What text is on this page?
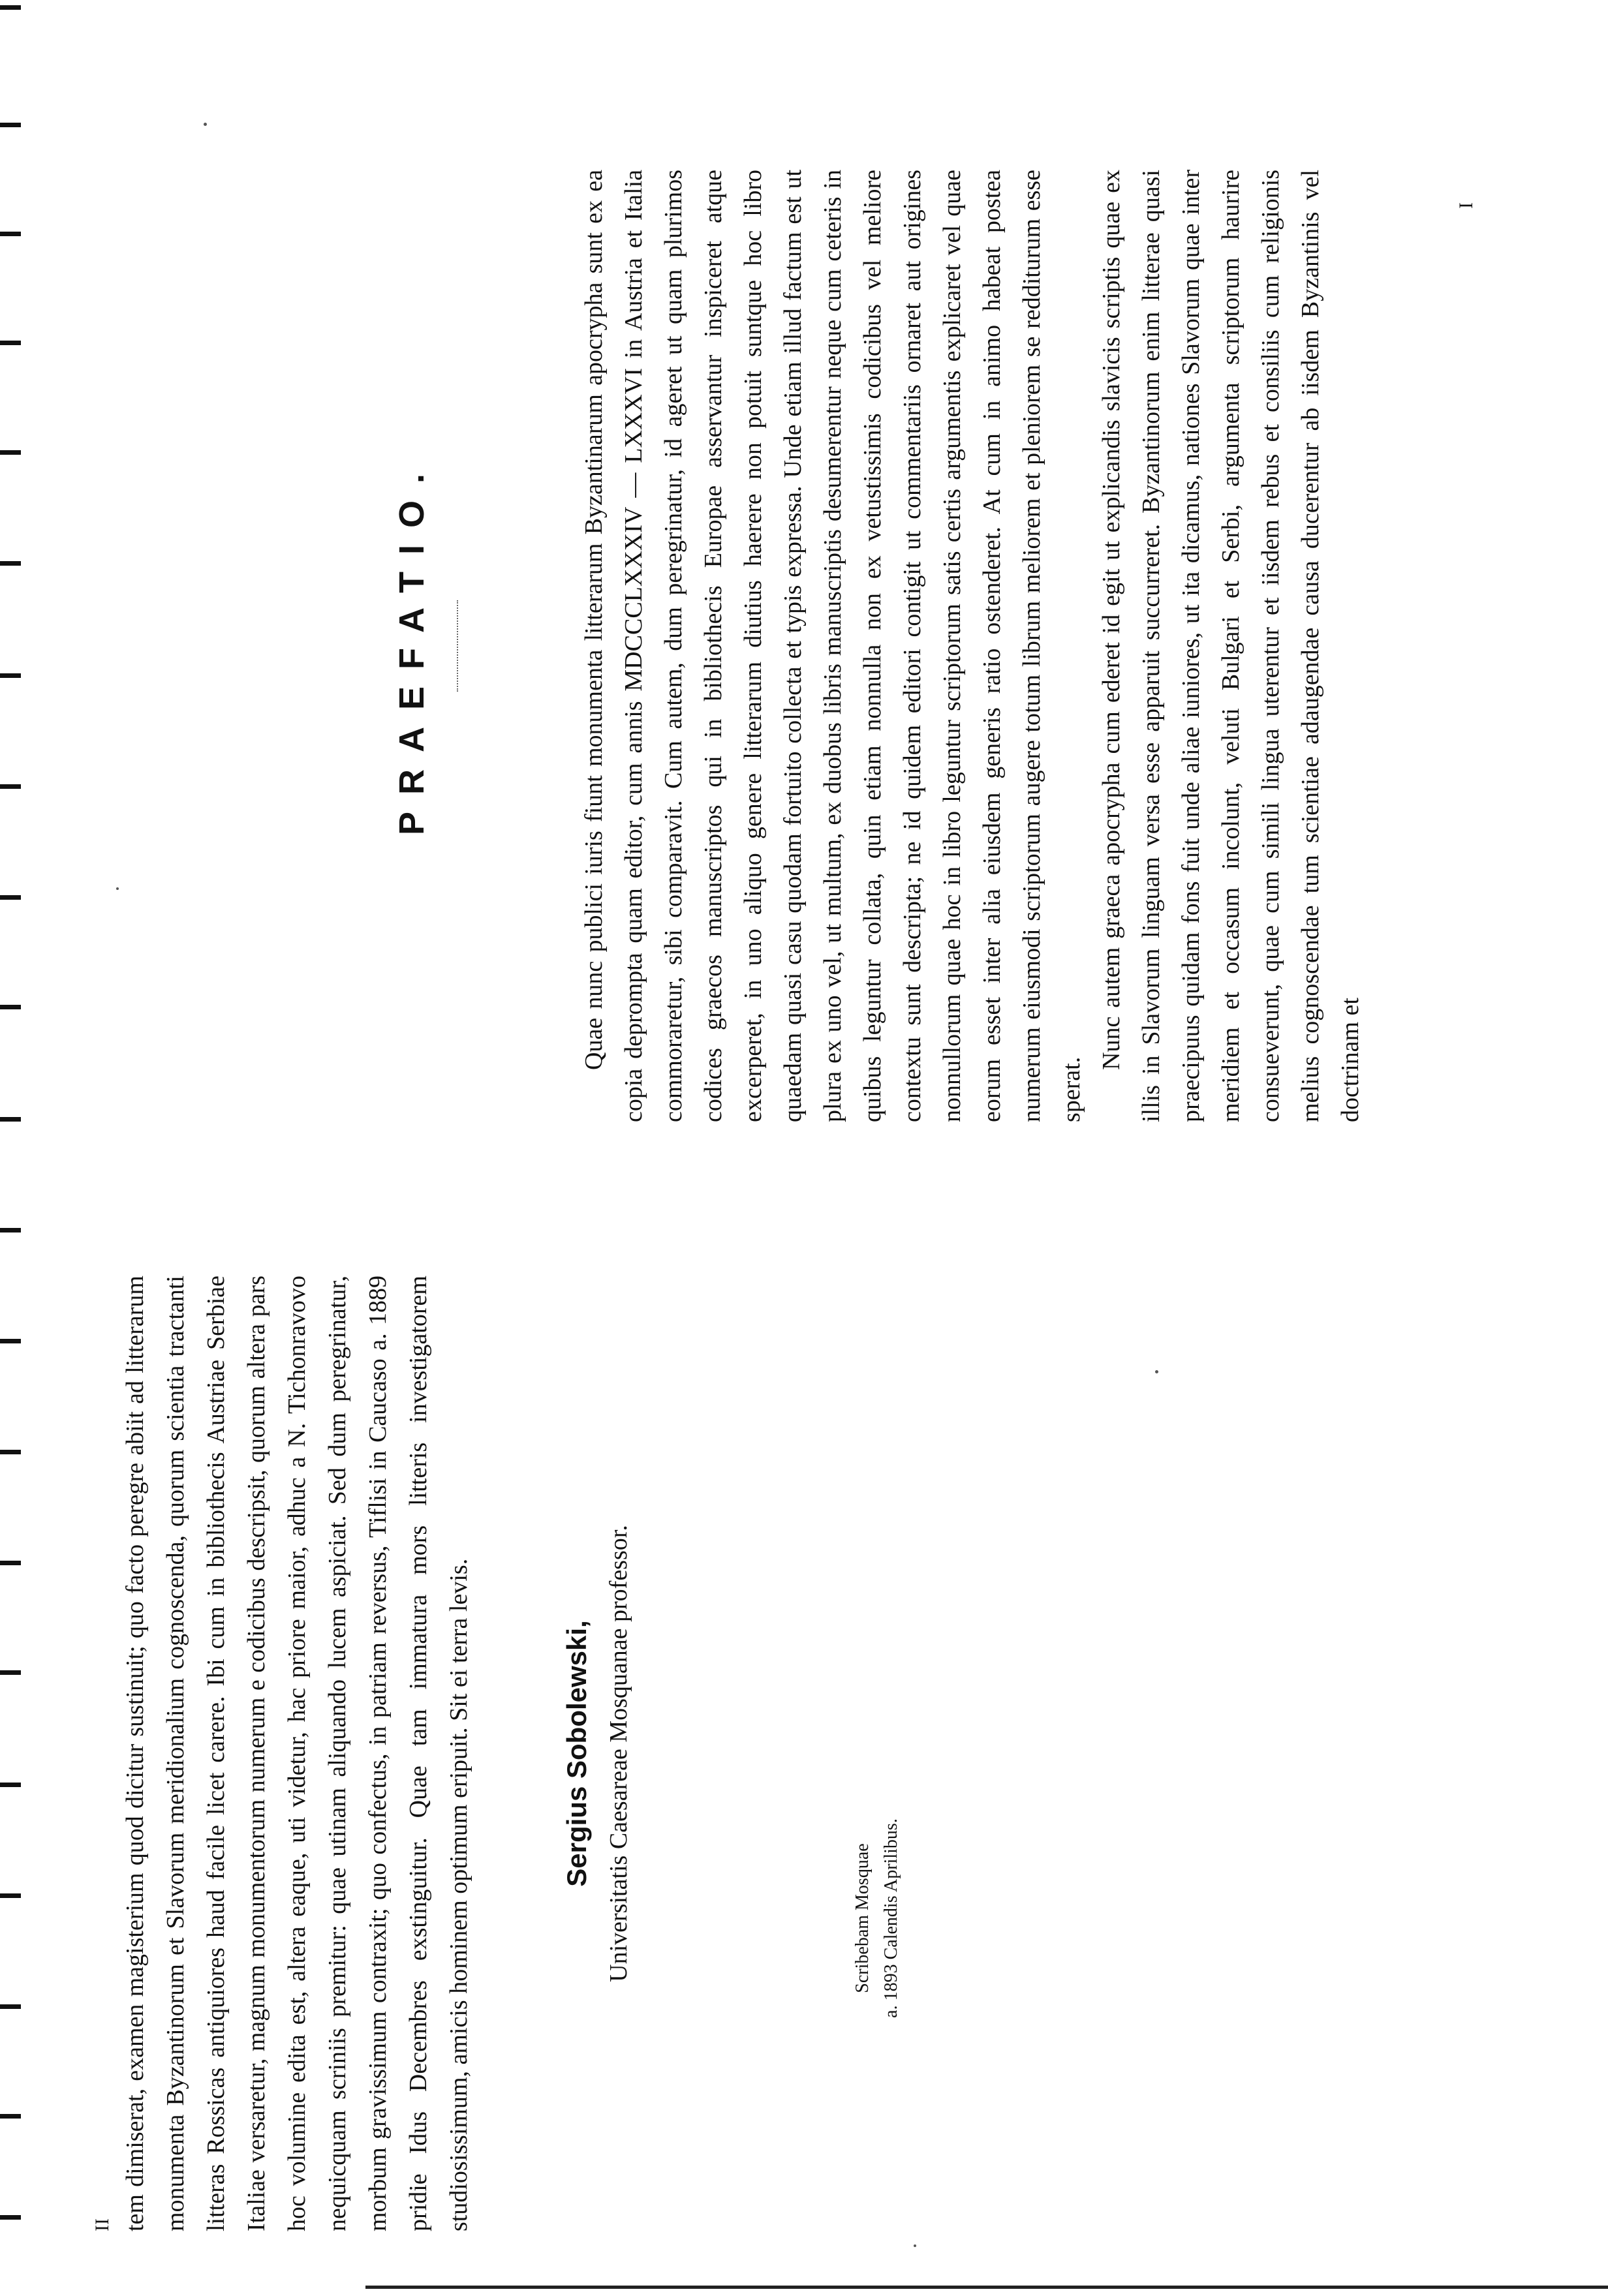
II tem dimiserat, examen magisterium quod dicitur sustinuit; quo facto peregre abiit ad litterarum monumenta Byzantinorum et Slavorum meridionalium cognoscenda, quorum scientia tractanti litteras Rossicas antiquiores haud facile licet carere. Ibi cum in bibliothecis Austriae Serbiae Italiae versaretur, magnum monumentorum numerum e codicibus descripsit, quorum altera pars hoc volumine edita est, altera eaque, uti videtur, hac priore maior, adhuc a N. Tichonravovo nequicquam scriniis premitur: quae utinam aliquando lucem aspiciat. Sed dum peregrinatur, morbum gravissimum contraxit; quo confectus, in patriam reversus, Tiflisi in Caucaso a. 1889 pridie Idus Decembres exstinguitur. Quae tam immatura mors litteris investigatorem studiosissimum, amicis hominem optimum eripuit. Sit ei terra levis.	Sergius Sobolewski, Universitatis Caesareae Mosquanae professor.	Scribebam Mosquae a. 1893 Calendis Aprilibus.
PRAEFATIO.	Quae nunc publici iuris fiunt monumenta litterarum Byzantinarum apocrypha sunt ex ea copia deprompta quam editor, cum annis MDCCCLXXXIV — LXXXVI in Austria et Italia commoraretur, sibi comparavit. Cum autem, dum peregrinatur, id ageret ut quam plurimos codices graecos manuscriptos qui in bibliothecis Europae asservantur inspiceret atque excerperet, in uno aliquo genere litterarum diutius haerere non potuit suntque hoc libro quaedam quasi casu quodam fortuito collecta et typis expressa. Unde etiam illud factum est ut plura ex uno vel, ut multum, ex duobus libris manuscriptis desumerentur neque cum ceteris in quibus leguntur collata, quin etiam nonnulla non ex vetustissimis codicibus vel meliore contextu sunt descripta; ne id quidem editori contigit ut commentariis ornaret aut origines nonnullorum quae hoc in libro leguntur scriptorum satis certis argumentis explicaret vel quae eorum esset inter alia eiusdem generis ratio ostenderet. At cum in animo habeat postea numerum eiusmodi scriptorum augere totum librum meliorem et pleniorem se redditurum esse sperat.

Nunc autem graeca apocrypha cum ederet id egit ut explicandis slavicis scriptis quae ex illis in Slavorum linguam versa esse apparuit succurreret. Byzantinorum enim litterae quasi praecipuus quidam fons fuit unde aliae iuniores, ut ita dicamus, nationes Slavorum quae inter meridiem et occasum incolunt, veluti Bulgari et Serbi, argumenta scriptorum haurire consueverunt, quae cum simili lingua uterentur et iisdem rebus et consiliis cum religionis melius cognoscendae tum scientiae adaugendae causa ducerentur ab iisdem Byzantinis vel doctrinam et

I
